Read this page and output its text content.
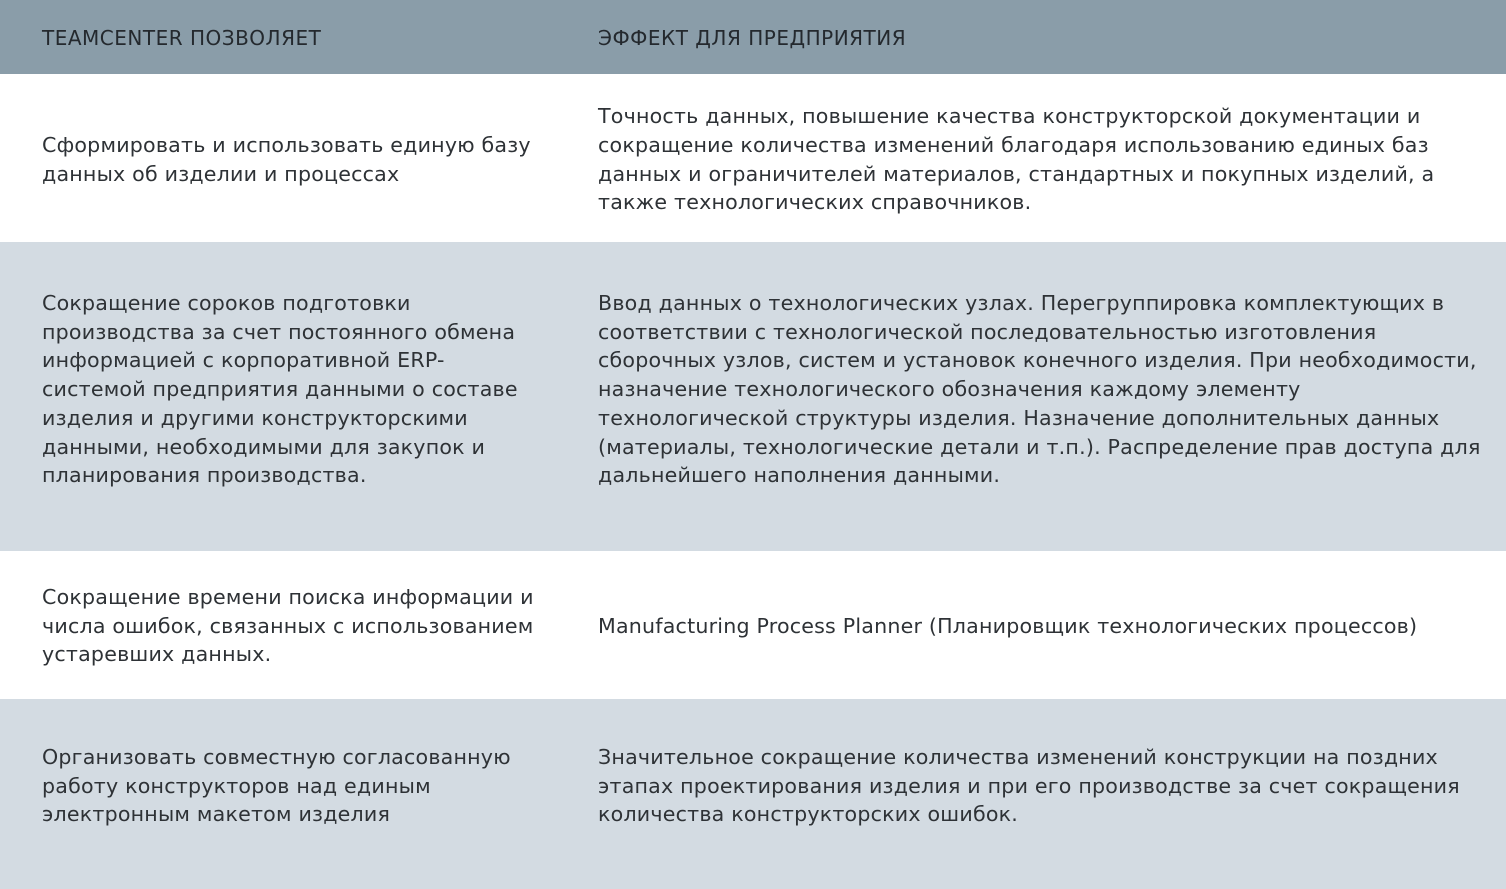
TEAMCENTER ПОЗВОЛЯЕТ	ЭФФЕКТ ДЛЯ ПРЕДПРИЯТИЯ
Сформировать и использовать единую базу данных об изделии и процессах
Точность данных, повышение качества конструкторской документации и сокращение количества изменений благодаря использованию единых баз данных и ограничителей материалов, стандартных и покупных изделий, а также технологических справочников.
Сокращение сороков подготовки производства за счет постоянного обмена информацией с корпоративной ERP-системой предприятия данными о составе изделия и другими конструкторскими данными, необходимыми для закупок и планирования производства.
Ввод данных о технологических узлах. Перегруппировка комплектующих в соответствии с технологической последовательностью изготовления сборочных узлов, систем и установок конечного изделия. При необходимости, назначение технологического обозначения каждому элементу технологической структуры изделия. Назначение дополнительных данных (материалы, технологические детали и т.п.). Распределение прав доступа для дальнейшего наполнения данными.
Сокращение времени поиска информации и числа ошибок, связанных с использованием устаревших данных.
Manufacturing Process Planner (Планировщик технологических процессов)
Организовать совместную согласованную работу конструкторов над единым электронным макетом изделия
Значительное сокращение количества изменений конструкции на поздних этапах проектирования изделия и при его производстве за счет сокращения количества конструкторских ошибок.
